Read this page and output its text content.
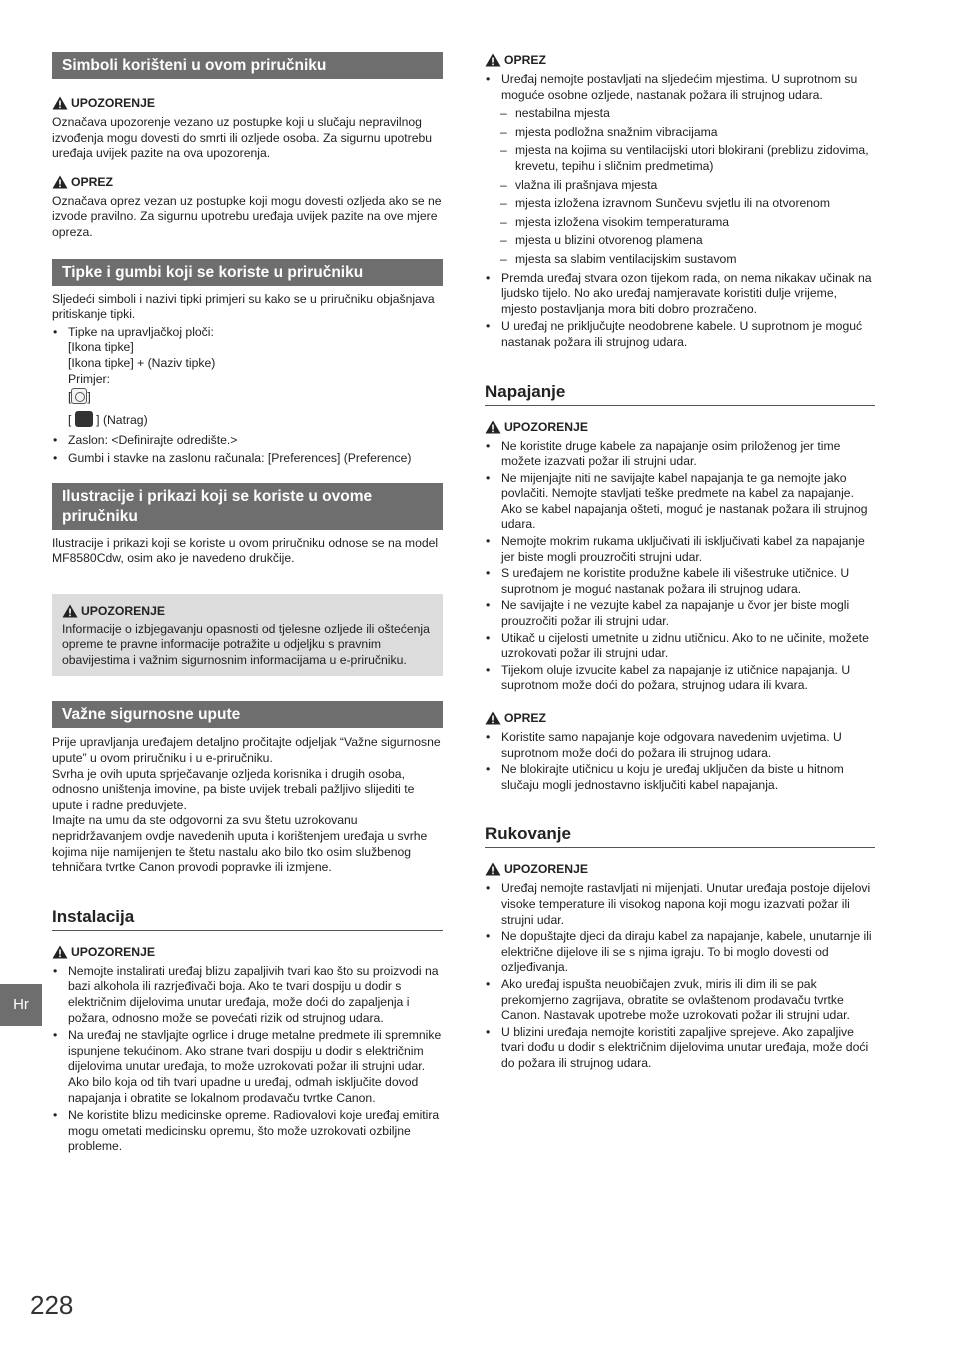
Simboli korišteni u ovom priručniku
UPOZORENJE

Označava upozorenje vezano uz postupke koji u slučaju nepravilnog izvođenja mogu dovesti do smrti ili ozljede osoba. Za sigurnu upotrebu uređaja uvijek pazite na ova upozorenja.

OPREZ

Označava oprez vezan uz postupke koji mogu dovesti ozljeda ako se ne izvode pravilno. Za sigurnu upotrebu uređaja uvijek pazite na ove mjere opreza.

Tipke i gumbi koji se koriste u priručniku

Sljedeći simboli i nazivi tipki primjeri su kako se u priručniku objašnjava pritiskanje tipki.

• Tipke na upravljačkoj ploči:
[Ikona tipke]
[Ikona tipke] + (Naziv tipke)
Primjer:
[ ]
[ ] (Natrag)
• Zaslon: <Definirajte odredište.>
• Gumbi i stavke na zaslonu računala: [Preferences] (Preference)
Ilustracije i prikazi koji se koriste u ovome priručniku

Ilustracije i prikazi koji se koriste u ovom priručniku odnose se na model MF8580Cdw, osim ako je navedeno drukčije.

UPOZORENJE

Informacije o izbjegavanju opasnosti od tjelesne ozljede ili oštećenja opreme te pravne informacije potražite u odjeljku s pravnim obavijestima i važnim sigurnosnim informacijama u e-priručniku.

Važne sigurnosne upute

Prije upravljanja uređajem detaljno pročitajte odjeljak “Važne sigurnosne upute” u ovom priručniku i u e-priručniku.

Svrha je ovih uputa sprječavanje ozljeda korisnika i drugih osoba, odnosno uništenja imovine, pa biste uvijek trebali pažljivo slijediti te upute i radne preduvjete.

Imajte na umu da ste odgovorni za svu štetu uzrokovanu nepridržavanjem ovdje navedenih uputa i korištenjem uređaja u svrhe kojima nije namijenjen te štetu nastalu ako bilo tko osim službenog tehničara tvrtke Canon provodi popravke ili izmjene.

Instalacija
UPOZORENJE
• Nemojte instalirati uređaj blizu zapaljivih tvari kao što su proizvodi na bazi alkohola ili razrjeđivači boja. Ako te tvari dospiju u dodir s električnim dijelovima unutar uređaja, može doći do zapaljenja i požara, odnosno može se povećati rizik od strujnog udara.
• Na uređaj ne stavljajte ogrlice i druge metalne predmete ili spremnike ispunjene tekućinom. Ako strane tvari dospiju u dodir s električnim dijelovima unutar uređaja, to može uzrokovati požar ili strujni udar.
Ako bilo koja od tih tvari upadne u uređaj, odmah isključite dovod napajanja i obratite se lokalnom prodavaču tvrtke Canon.
• Ne koristite blizu medicinske opreme. Radiovalovi koje uređaj emitira mogu ometati medicinsku opremu, što može uzrokovati ozbiljne probleme.
OPREZ
• Uređaj nemojte postavljati na sljedećim mjestima. U suprotnom su moguće osobne ozljede, nastanak požara ili strujnog udara.
– nestabilna mjesta
– mjesta podložna snažnim vibracijama
– mjesta na kojima su ventilacijski utori blokirani (preblizu zidovima, krevetu, tepihu i sličnim predmetima)
– vlažna ili prašnjava mjesta
– mjesta izložena izravnom Sunčevu svjetlu ili na otvorenom
– mjesta izložena visokim temperaturama
– mjesta u blizini otvorenog plamena
– mjesta sa slabim ventilacijskim sustavom
• Premda uređaj stvara ozon tijekom rada, on nema nikakav učinak na ljudsko tijelo. No ako uređaj namjeravate koristiti dulje vrijeme, mjesto postavljanja mora biti dobro prozračeno.
• U uređaj ne priključujte neodobrene kabele. U suprotnom je moguć nastanak požara ili strujnog udara.
Napajanje
UPOZORENJE
• Ne koristite druge kabele za napajanje osim priloženog jer time možete izazvati požar ili strujni udar.
• Ne mijenjajte niti ne savijajte kabel napajanja te ga nemojte jako povlačiti. Nemojte stavljati teške predmete na kabel za napajanje. Ako se kabel napajanja ošteti, moguć je nastanak požara ili strujnog udara.
• Nemojte mokrim rukama uključivati ili isključivati kabel za napajanje jer biste mogli prouzročiti strujni udar.
• S uređajem ne koristite produžne kabele ili višestruke utičnice. U suprotnom je moguć nastanak požara ili strujnog udara.
• Ne savijajte i ne vezujte kabel za napajanje u čvor jer biste mogli prouzročiti požar ili strujni udar.
• Utikač u cijelosti umetnite u zidnu utičnicu. Ako to ne učinite, možete uzrokovati požar ili strujni udar.
• Tijekom oluje izvucite kabel za napajanje iz utičnice napajanja. U suprotnom može doći do požara, strujnog udara ili kvara.
OPREZ
• Koristite samo napajanje koje odgovara navedenim uvjetima. U suprotnom može doći do požara ili strujnog udara.
• Ne blokirajte utičnicu u koju je uređaj uključen da biste u hitnom slučaju mogli jednostavno isključiti kabel napajanja.
Rukovanje
UPOZORENJE
• Uređaj nemojte rastavljati ni mijenjati. Unutar uređaja postoje dijelovi visoke temperature ili visokog napona koji mogu izazvati požar ili strujni udar.
• Ne dopuštajte djeci da diraju kabel za napajanje, kabele, unutarnje ili električne dijelove ili se s njima igraju. To bi moglo dovesti od ozljeđivanja.
• Ako uređaj ispušta neuobičajen zvuk, miris ili dim ili se pak prekomjerno zagrijava, obratite se ovlaštenom prodavaču tvrtke Canon. Nastavak upotrebe može uzrokovati požar ili strujni udar.
• U blizini uređaja nemojte koristiti zapaljive sprejeve. Ako zapaljive tvari dođu u dodir s električnim dijelovima unutar uređaja, može doći do požara ili strujnog udara.
Hr
228
